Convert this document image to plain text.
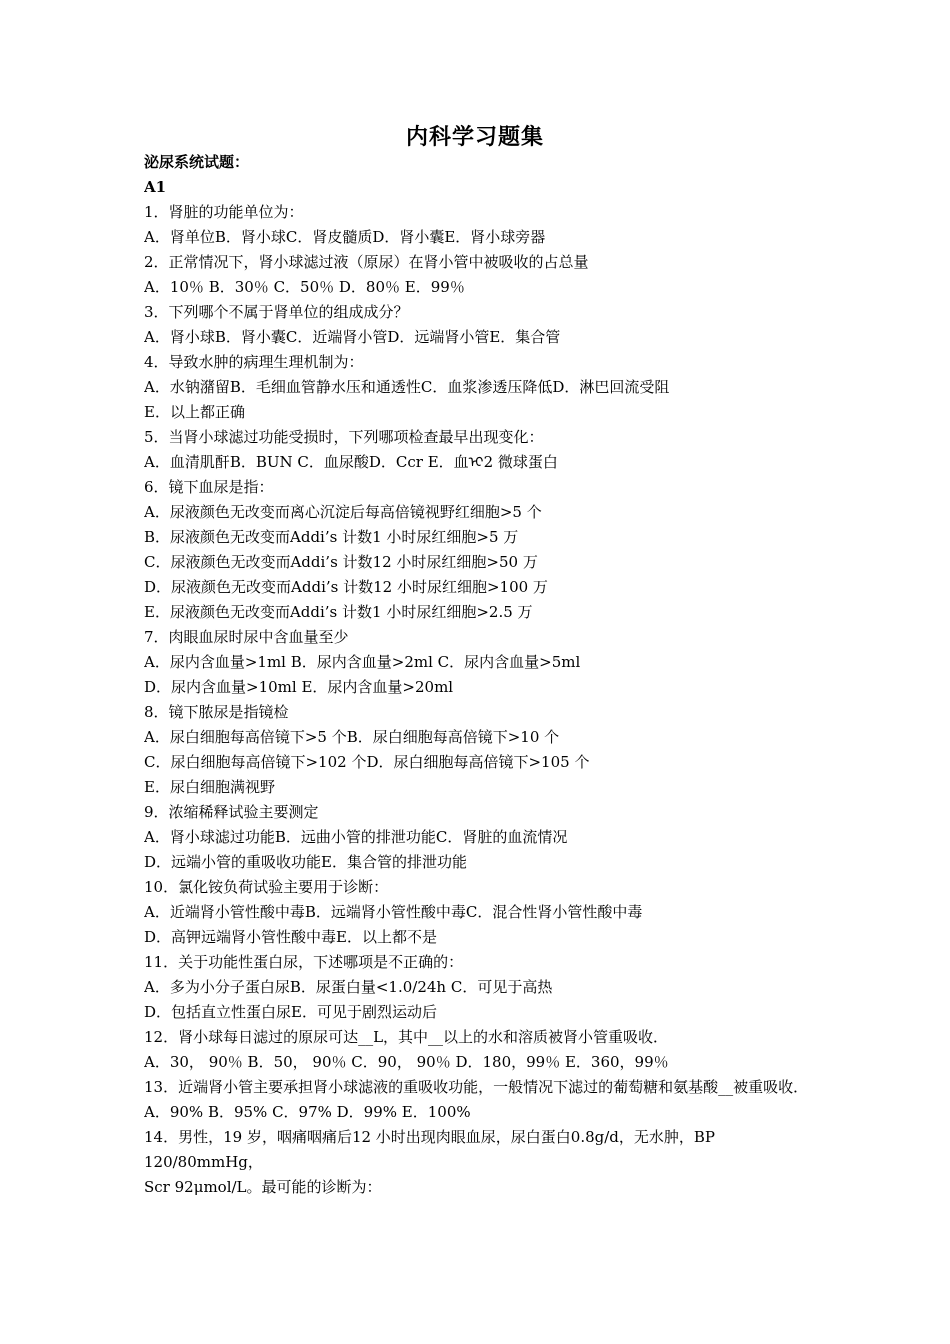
内科学习题集
泌尿系统试题：
A1
1．肾脏的功能单位为：
A．肾单位B．肾小球C．肾皮髓质D．肾小囊E．肾小球旁器
2．正常情况下，肾小球滤过液（原尿）在肾小管中被吸收的占总量
A．10％ B．30％ C．50％ D．80％ E．99％
3．下列哪个不属于肾单位的组成成分？
A．肾小球B．肾小囊C．近端肾小管D．远端肾小管E．集合管
4．导致水肿的病理生理机制为：
A．水钠潴留B．毛细血管静水压和通透性C．血浆渗透压降低D．淋巴回流受阻
E．以上都正确
5．当肾小球滤过功能受损时，下列哪项检查最早出现变化：
A．血清肌酐B．BUN C．血尿酸D．Ccr E．血ᢈ2 微球蛋白
6．镜下血尿是指：
A．尿液颜色无改变而离心沉淀后每高倍镜视野红细胞>5 个
B．尿液颜色无改变而Addi’s 计数1 小时尿红细胞>5 万
C．尿液颜色无改变而Addi’s 计数12 小时尿红细胞>50 万
D．尿液颜色无改变而Addi’s 计数12 小时尿红细胞>100 万
E．尿液颜色无改变而Addi’s 计数1 小时尿红细胞>2.5 万
7．肉眼血尿时尿中含血量至少
A．尿内含血量>1ml B．尿内含血量>2ml C．尿内含血量>5ml
D．尿内含血量>10ml E．尿内含血量>20ml
8．镜下脓尿是指镜检
A．尿白细胞每高倍镜下>5 个B．尿白细胞每高倍镜下>10 个
C．尿白细胞每高倍镜下>102 个D．尿白细胞每高倍镜下>105 个
E．尿白细胞满视野
9．浓缩稀释试验主要测定
A．肾小球滤过功能B．远曲小管的排泄功能C．肾脏的血流情况
D．远端小管的重吸收功能E．集合管的排泄功能
10．氯化铵负荷试验主要用于诊断：
A．近端肾小管性酸中毒B．远端肾小管性酸中毒C．混合性肾小管性酸中毒
D．高钾远端肾小管性酸中毒E．以上都不是
11．关于功能性蛋白尿，下述哪项是不正确的：
A．多为小分子蛋白尿B．尿蛋白量<1.0/24h C．可见于高热
D．包括直立性蛋白尿E．可见于剧烈运动后
12．肾小球每日滤过的原尿可达__L，其中__以上的水和溶质被肾小管重吸收．
A．30， 90％ B．50， 90％ C．90， 90％ D．180，99％ E．360，99％
13．近端肾小管主要承担肾小球滤液的重吸收功能，一般情况下滤过的葡萄糖和氨基酸__被重吸收．
A．90% B．95% C．97% D．99% E．100%
14．男性，19 岁，咽痛咽痛后12 小时出现肉眼血尿，尿白蛋白0.8g/d，无水肿，BP
120/80mmHg，
Scr 92μmol/L。最可能的诊断为：
